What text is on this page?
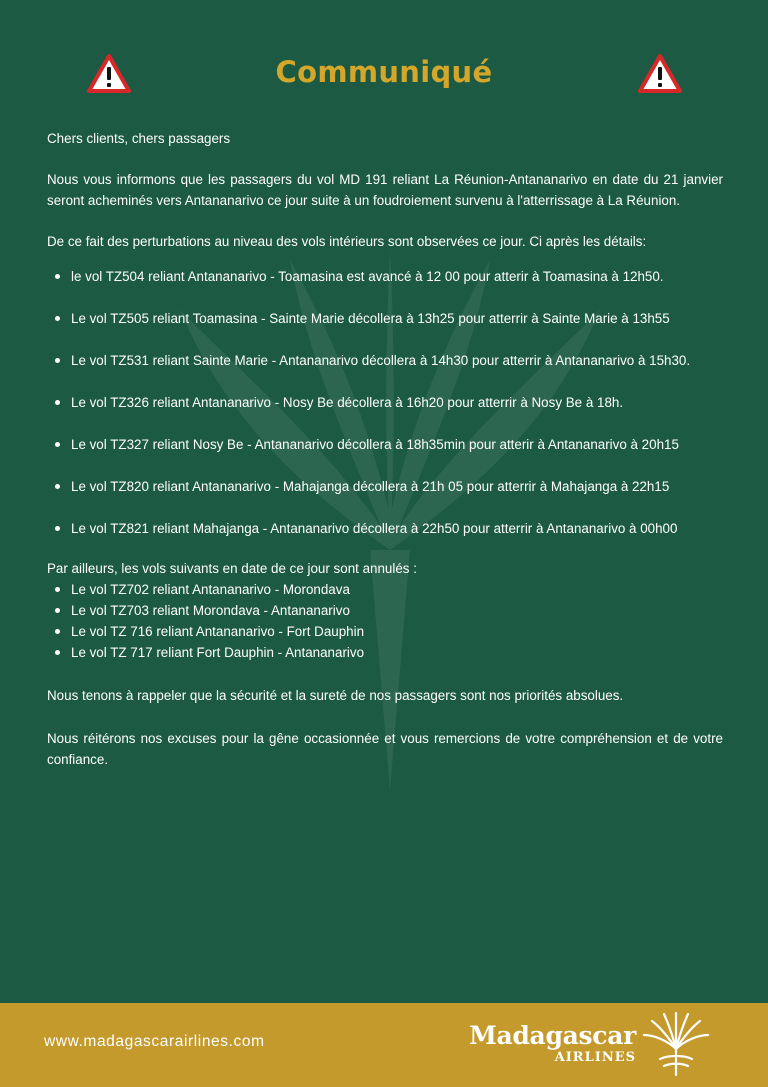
Communiqué

Chers clients, chers passagers

Nous vous informons que les passagers du vol MD 191 reliant La Réunion-Antananarivo en date du 21 janvier seront acheminés vers Antananarivo ce jour suite à un foudroiement survenu à l'atterrissage à La Réunion.

De ce fait des perturbations au niveau des vols intérieurs sont observées ce jour. Ci après les détails:

le vol TZ504 reliant Antananarivo - Toamasina est avancé à 12 00 pour atterir à Toamasina à 12h50.
Le vol TZ505 reliant Toamasina - Sainte Marie décollera à 13h25 pour atterrir à Sainte Marie à 13h55
Le vol TZ531 reliant Sainte Marie - Antananarivo décollera à 14h30 pour atterrir à Antananarivo à 15h30.
Le vol TZ326 reliant Antananarivo - Nosy Be décollera à 16h20 pour atterrir à Nosy Be à 18h.
Le vol TZ327 reliant Nosy Be - Antananarivo décollera à 18h35min pour atterir à Antananarivo à 20h15
Le vol TZ820 reliant Antananarivo - Mahajanga décollera à 21h 05 pour atterrir à Mahajanga à 22h15
Le vol TZ821 reliant Mahajanga - Antananarivo décollera à 22h50 pour atterrir à Antananarivo à 00h00

Par ailleurs, les vols suivants en date de ce jour sont annulés :

Le vol TZ702 reliant Antananarivo - Morondava
Le vol TZ703 reliant Morondava - Antananarivo
Le vol TZ 716 reliant Antananarivo - Fort Dauphin
Le vol TZ 717 reliant Fort Dauphin - Antananarivo

Nous tenons à rappeler que la sécurité et la sureté de nos passagers sont nos priorités absolues.

Nous réitérons nos excuses pour la gêne occasionnée et vous remercions de votre compréhension et de votre confiance.

www.madagascarairlines.com	Madagascar
AIRLINES
